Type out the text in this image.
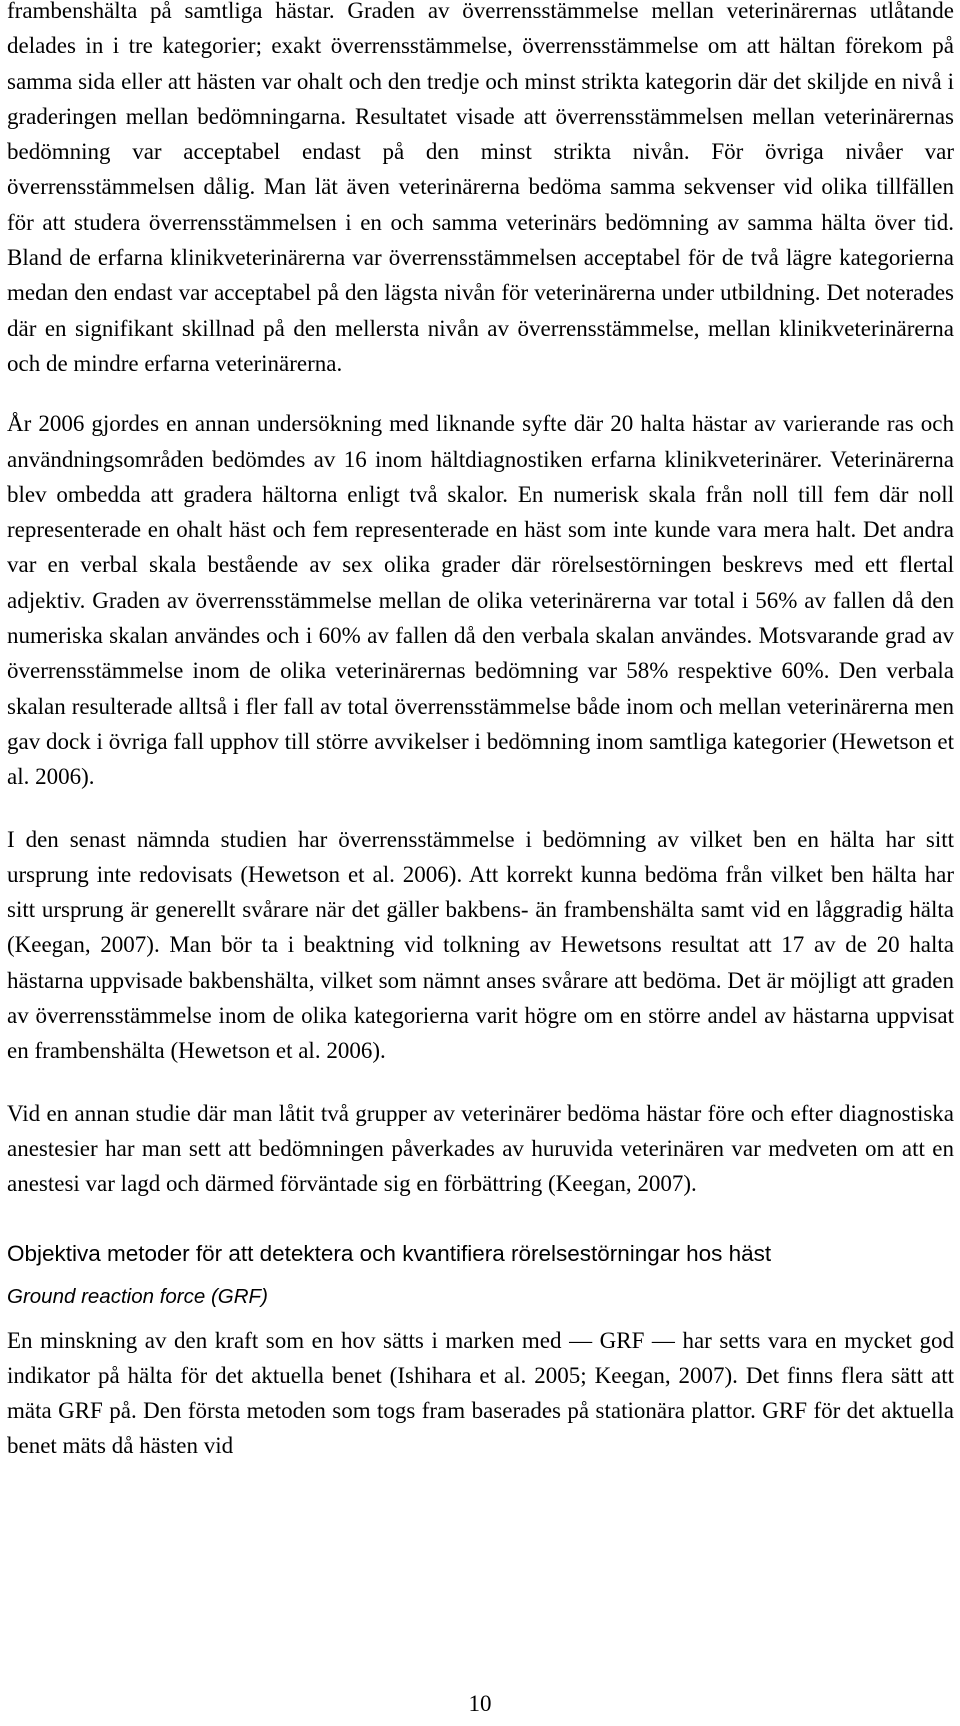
frambenshälta på samtliga hästar. Graden av överrensstämmelse mellan veterinärernas utlåtande delades in i tre kategorier; exakt överrensstämmelse, överrensstämmelse om att hältan förekom på samma sida eller att hästen var ohalt och den tredje och minst strikta kategorin där det skiljde en nivå i graderingen mellan bedömningarna. Resultatet visade att överrensstämmelsen mellan veterinärernas bedömning var acceptabel endast på den minst strikta nivån. För övriga nivåer var överrensstämmelsen dålig. Man lät även veterinärerna bedöma samma sekvenser vid olika tillfällen för att studera överrensstämmelsen i en och samma veterinärs bedömning av samma hälta över tid. Bland de erfarna klinikveterinärerna var överrensstämmelsen acceptabel för de två lägre kategorierna medan den endast var acceptabel på den lägsta nivån för veterinärerna under utbildning. Det noterades där en signifikant skillnad på den mellersta nivån av överrensstämmelse, mellan klinikveterinärerna och de mindre erfarna veterinärerna.

År 2006 gjordes en annan undersökning med liknande syfte där 20 halta hästar av varierande ras och användningsområden bedömdes av 16 inom hältdiagnostiken erfarna klinikveterinärer. Veterinärerna blev ombedda att gradera hältorna enligt två skalor. En numerisk skala från noll till fem där noll representerade en ohalt häst och fem representerade en häst som inte kunde vara mera halt. Det andra var en verbal skala bestående av sex olika grader där rörelsestörningen beskrevs med ett flertal adjektiv. Graden av överrensstämmelse mellan de olika veterinärerna var total i 56% av fallen då den numeriska skalan användes och i 60% av fallen då den verbala skalan användes. Motsvarande grad av överrensstämmelse inom de olika veterinärernas bedömning var 58% respektive 60%. Den verbala skalan resulterade alltså i fler fall av total överrensstämmelse både inom och mellan veterinärerna men gav dock i övriga fall upphov till större avvikelser i bedömning inom samtliga kategorier (Hewetson et al. 2006).

I den senast nämnda studien har överrensstämmelse i bedömning av vilket ben en hälta har sitt ursprung inte redovisats (Hewetson et al. 2006). Att korrekt kunna bedöma från vilket ben hälta har sitt ursprung är generellt svårare när det gäller bakbens- än frambenshälta samt vid en låggradig hälta (Keegan, 2007). Man bör ta i beaktning vid tolkning av Hewetsons resultat att 17 av de 20 halta hästarna uppvisade bakbenshälta, vilket som nämnt anses svårare att bedöma. Det är möjligt att graden av överrensstämmelse inom de olika kategorierna varit högre om en större andel av hästarna uppvisat en frambenshälta (Hewetson et al. 2006).

Vid en annan studie där man låtit två grupper av veterinärer bedöma hästar före och efter diagnostiska anestesier har man sett att bedömningen påverkades av huruvida veterinären var medveten om att en anestesi var lagd och därmed förväntade sig en förbättring (Keegan, 2007).

Objektiva metoder för att detektera och kvantifiera rörelsestörningar hos häst
Ground reaction force (GRF)

En minskning av den kraft som en hov sätts i marken med — GRF — har setts vara en mycket god indikator på hälta för det aktuella benet (Ishihara et al. 2005; Keegan, 2007). Det finns flera sätt att mäta GRF på. Den första metoden som togs fram baserades på stationära plattor. GRF för det aktuella benet mäts då hästen vid

10
